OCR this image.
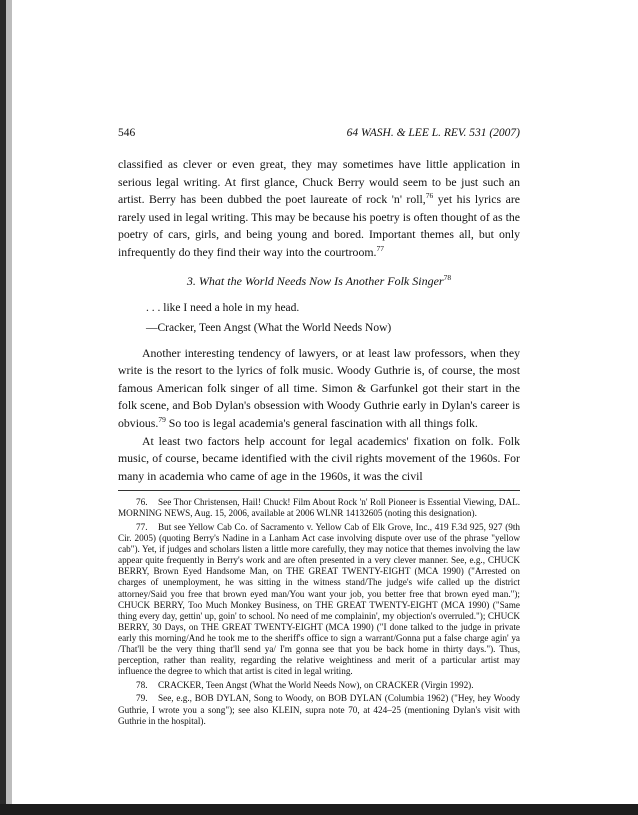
546	64 WASH. & LEE L. REV. 531 (2007)

classified as clever or even great, they may sometimes have little application in serious legal writing. At first glance, Chuck Berry would seem to be just such an artist. Berry has been dubbed the poet laureate of rock 'n' roll,$^{76}$ yet his lyrics are rarely used in legal writing. This may be because his poetry is often thought of as the poetry of cars, girls, and being young and bored. Important themes all, but only infrequently do they find their way into the courtroom.$^{77}$

3. What the World Needs Now Is Another Folk Singer$^{78}$
. . . like I need a hole in my head.
—Cracker, Teen Angst (What the World Needs Now)

Another interesting tendency of lawyers, or at least law professors, when they write is the resort to the lyrics of folk music. Woody Guthrie is, of course, the most famous American folk singer of all time. Simon & Garfunkel got their start in the folk scene, and Bob Dylan's obsession with Woody Guthrie early in Dylan's career is obvious.$^{79}$ So too is legal academia's general fascination with all things folk.

At least two factors help account for legal academics' fixation on folk. Folk music, of course, became identified with the civil rights movement of the 1960s. For many in academia who came of age in the 1960s, it was the civil

76. See Thor Christensen, Hail! Chuck! Film About Rock 'n' Roll Pioneer is Essential Viewing, DAL. MORNING NEWS, Aug. 15, 2006, available at 2006 WLNR 14132605 (noting this designation).

77. But see Yellow Cab Co. of Sacramento v. Yellow Cab of Elk Grove, Inc., 419 F.3d 925, 927 (9th Cir. 2005) (quoting Berry's Nadine in a Lanham Act case involving dispute over use of the phrase "yellow cab"). Yet, if judges and scholars listen a little more carefully, they may notice that themes involving the law appear quite frequently in Berry's work and are often presented in a very clever manner. See, e.g., CHUCK BERRY, Brown Eyed Handsome Man, on THE GREAT TWENTY-EIGHT (MCA 1990) ("Arrested on charges of unemployment, he was sitting in the witness stand/The judge's wife called up the district attorney/Said you free that brown eyed man/You want your job, you better free that brown eyed man."); CHUCK BERRY, Too Much Monkey Business, on THE GREAT TWENTY-EIGHT (MCA 1990) ("Same thing every day, gettin' up, goin' to school. No need of me complainin', my objection's overruled."); CHUCK BERRY, 30 Days, on THE GREAT TWENTY-EIGHT (MCA 1990) ("I done talked to the judge in private early this morning/And he took me to the sheriff's office to sign a warrant/Gonna put a false charge agin' ya /That'll be the very thing that'll send ya/ I'm gonna see that you be back home in thirty days."). Thus, perception, rather than reality, regarding the relative weightiness and merit of a particular artist may influence the degree to which that artist is cited in legal writing.

78. CRACKER, Teen Angst (What the World Needs Now), on CRACKER (Virgin 1992).

79. See, e.g., BOB DYLAN, Song to Woody, on BOB DYLAN (Columbia 1962) ("Hey, hey Woody Guthrie, I wrote you a song"); see also KLEIN, supra note 70, at 424–25 (mentioning Dylan's visit with Guthrie in the hospital).
